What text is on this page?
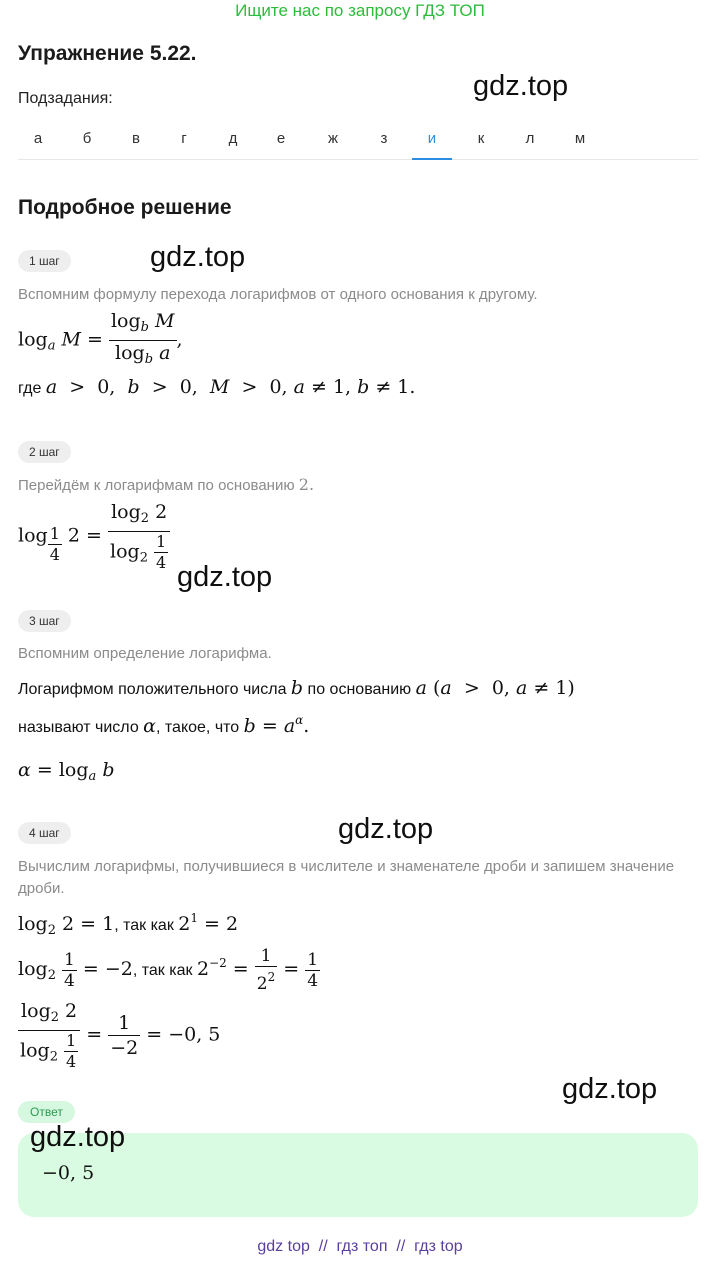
Ищите нас по запросу ГДЗ ТОП
Упражнение 5.22.
gdz.top
Подзадания:
а	б	в	г	д	е	ж	з	и	к	л	м
Подробное решение
1 шаг	gdz.top
Вспомним формулу перехода логарифмов от одного основания к другому.
$\log_a M = \frac{\log_b M}{\log_b a}$ ,
где a  >  0,  b  >  0,  M  >  0, a ≠ 1, b ≠ 1.
2 шаг
Перейдём к логарифмам по основанию 2.
$\log \frac{1}{4} 2 = \frac{\log_2 2}{\log_2 \frac{1}{4}}$
gdz.top
3 шаг
Вспомним определение логарифма.
Логарифмом положительного числа b по основанию a (a  >  0, a ≠ 1)
называют число α, такое, что $b = a^\alpha$.
$\alpha = \log_a b$
4 шаг	gdz.top
Вычислим логарифмы, получившиеся в числителе и знаменателе дроби и запишем значение дроби.
$\log_2 2 = 1$, так как $2^1 = 2$
$\log_2 \frac{1}{4} = -2$, так как $2^{-2} = \frac{1}{2^2} = \frac{1}{4}$
$\frac{\log_2 2}{\log_2 \frac{1}{4}} = \frac{1}{-2} = -0$, 5
gdz.top
Ответ
gdz.top
−0, 5
gdz top  //  гдз топ  //  гдз top
